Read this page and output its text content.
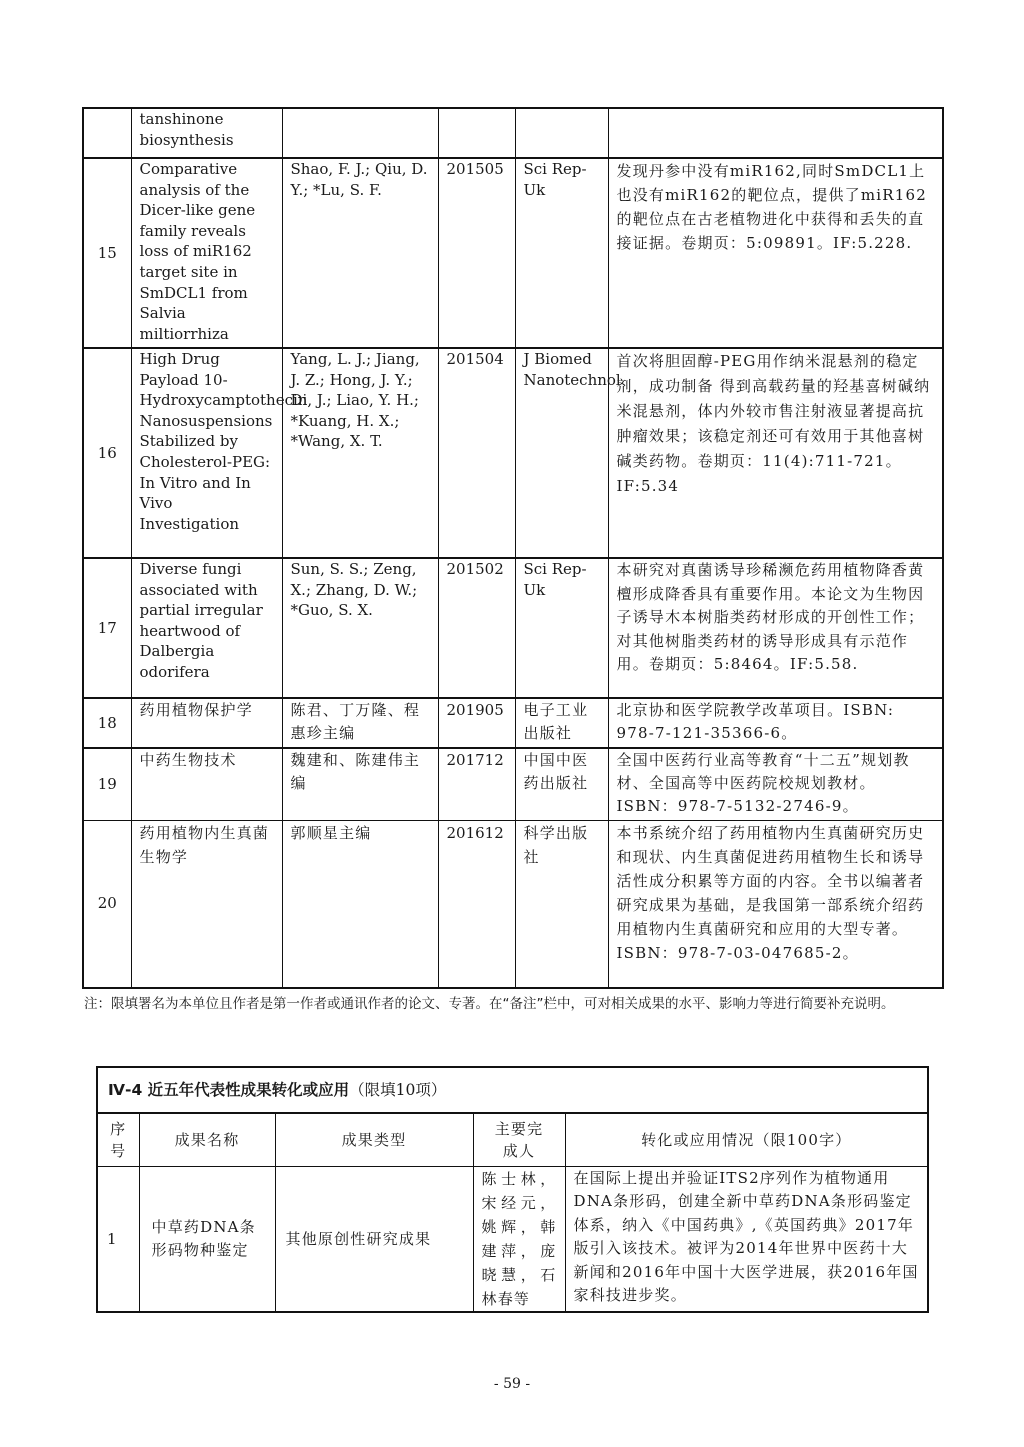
	tanshinone biosynthesis				
15	Comparative analysis of the Dicer-like gene family reveals loss of miR162 target site in SmDCL1 from Salvia miltiorrhiza	Shao, F. J.; Qiu, D. Y.; *Lu, S. F.	201505	Sci Rep-Uk	发现丹参中没有miR162,同时SmDCL1上也没有miR162的靶位点，提供了miR162的靶位点在古老植物进化中获得和丢失的直接证据。卷期页：5:09891。IF:5.228.
16	High Drug Payload 10-Hydroxycamptothecin Nanosuspensions Stabilized by Cholesterol-PEG: In Vitro and In Vivo Investigation	Yang, L. J.; Jiang, J. Z.; Hong, J. Y.; Di, J.; Liao, Y. H.; *Kuang, H. X.; *Wang, X. T.	201504	J Biomed Nanotechnol	首次将胆固醇-PEG用作纳米混悬剂的稳定剂，成功制备 得到高载药量的羟基喜树碱纳米混悬剂，体内外较市售注射液显著提高抗肿瘤效果；该稳定剂还可有效用于其他喜树碱类药物。卷期页：11(4):711-721。IF:5.34
17	Diverse fungi associated with partial irregular heartwood of Dalbergia odorifera	Sun, S. S.; Zeng, X.; Zhang, D. W.; *Guo, S. X.	201502	Sci Rep-Uk	本研究对真菌诱导珍稀濒危药用植物降香黄檀形成降香具有重要作用。本论文为生物因子诱导木本树脂类药材形成的开创性工作；对其他树脂类药材的诱导形成具有示范作用。卷期页：5:8464。IF:5.58.
18	药用植物保护学	陈君、丁万隆、程惠珍主编	201905	电子工业出版社	北京协和医学院教学改革项目。ISBN: 978-7-121-35366-6。
19	中药生物技术	魏建和、陈建伟主编	201712	中国中医药出版社	全国中医药行业高等教育“十二五”规划教材、全国高等中医药院校规划教材。ISBN：978-7-5132-2746-9。
20	药用植物内生真菌生物学	郭顺星主编	201612	科学出版社	本书系统介绍了药用植物内生真菌研究历史和现状、内生真菌促进药用植物生长和诱导活性成分积累等方面的内容。全书以编著者研究成果为基础，是我国第一部系统介绍药用植物内生真菌研究和应用的大型专著。ISBN：978-7-03-047685-2。
注：限填署名为本单位且作者是第一作者或通讯作者的论文、专著。在“备注”栏中，可对相关成果的水平、影响力等进行简要补充说明。
Ⅳ-4 近五年代表性成果转化或应用（限填10项）				
序号	成果名称	成果类型	主要完成人	转化或应用情况（限100字）
1	中草药DNA条形码物种鉴定	其他原创性研究成果	陈士林，宋经元，姚辉，韩建萍，庞晓慧，石林春等	在国际上提出并验证ITS2序列作为植物通用DNA条形码，创建全新中草药DNA条形码鉴定体系，纳入《中国药典》,《英国药典》2017年版引入该技术。被评为2014年世界中医药十大新闻和2016年中国十大医学进展，获2016年国家科技进步奖。
- 59 -
